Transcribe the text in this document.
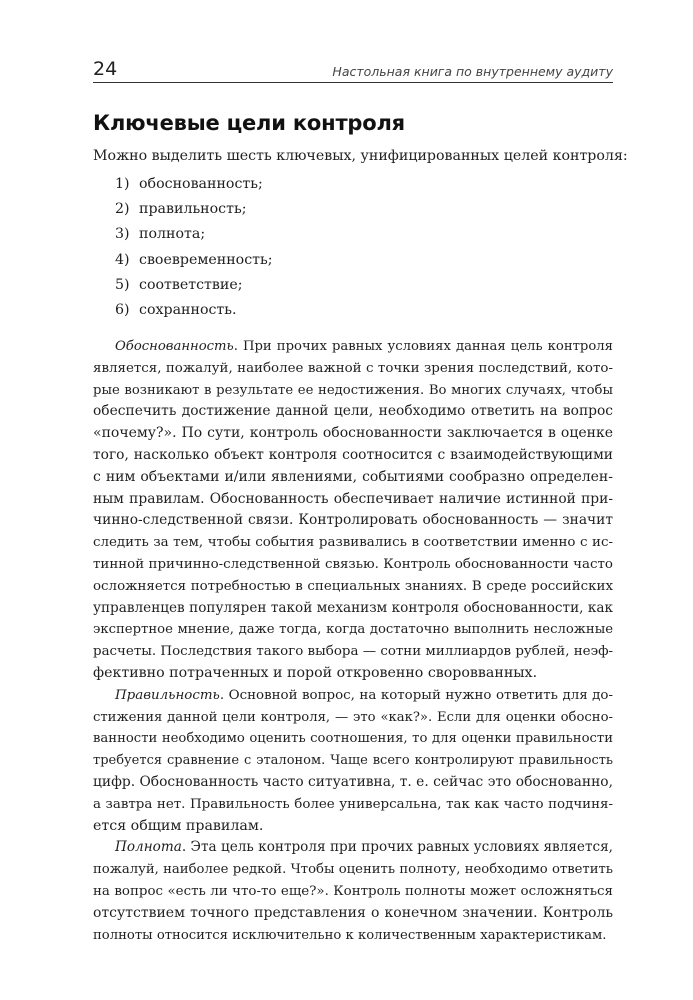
24	Настольная книга по внутреннему аудиту
Ключевые цели контроля
Можно выделить шесть ключевых, унифицированных целей контроля:
1) обоснованность;
2) правильность;
3) полнота;
4) своевременность;
5) соответствие;
6) сохранность.
Обоснованность. При прочих равных условиях данная цель контроля
является, пожалуй, наиболее важной с точки зрения последствий, кото-
рые возникают в результате ее недостижения. Во многих случаях, чтобы
обеспечить достижение данной цели, необходимо ответить на вопрос
«почему?». По сути, контроль обоснованности заключается в оценке
того, насколько объект контроля соотносится с взаимодействующими
с ним объектами и/или явлениями, событиями сообразно определен-
ным правилам. Обоснованность обеспечивает наличие истинной при-
чинно-следственной связи. Контролировать обоснованность — значит
следить за тем, чтобы события развивались в соответствии именно с ис-
тинной причинно-следственной связью. Контроль обоснованности часто
осложняется потребностью в специальных знаниях. В среде российских
управленцев популярен такой механизм контроля обоснованности, как
экспертное мнение, даже тогда, когда достаточно выполнить несложные
расчеты. Последствия такого выбора — сотни миллиардов рублей, неэф-
фективно потраченных и порой откровенно своровванных.
Правильность. Основной вопрос, на который нужно ответить для до-
стижения данной цели контроля, — это «как?». Если для оценки обосно-
ванности необходимо оценить соотношения, то для оценки правильности
требуется сравнение с эталоном. Чаще всего контролируют правильность
цифр. Обоснованность часто ситуативна, т. е. сейчас это обоснованно,
а завтра нет. Правильность более универсальна, так как часто подчиня-
ется общим правилам.
Полнота. Эта цель контроля при прочих равных условиях является,
пожалуй, наиболее редкой. Чтобы оценить полноту, необходимо ответить
на вопрос «есть ли что-то еще?». Контроль полноты может осложняться
отсутствием точного представления о конечном значении. Контроль
полноты относится исключительно к количественным характеристикам.
